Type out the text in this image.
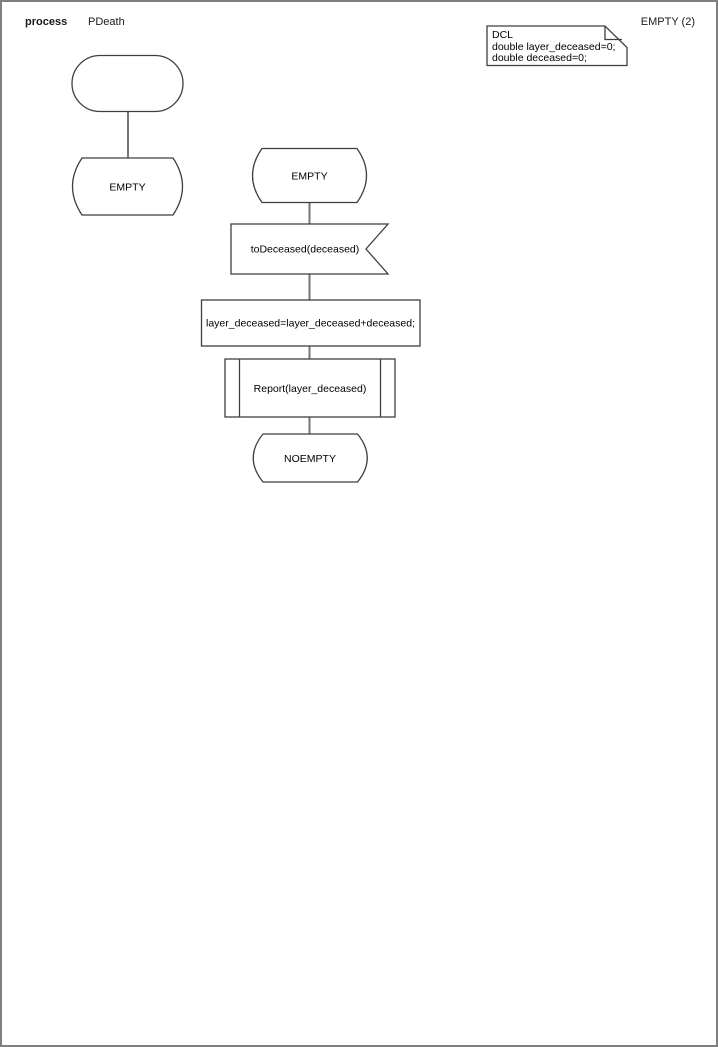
process PDeath	EMPTY (2)
EMPTY
EMPTY
toDeceased(deceased)
layer_deceased=layer_deceased+deceased;
Report(layer_deceased)
NOEMPTY
DCL
double layer_deceased=0;
double deceased=0;
